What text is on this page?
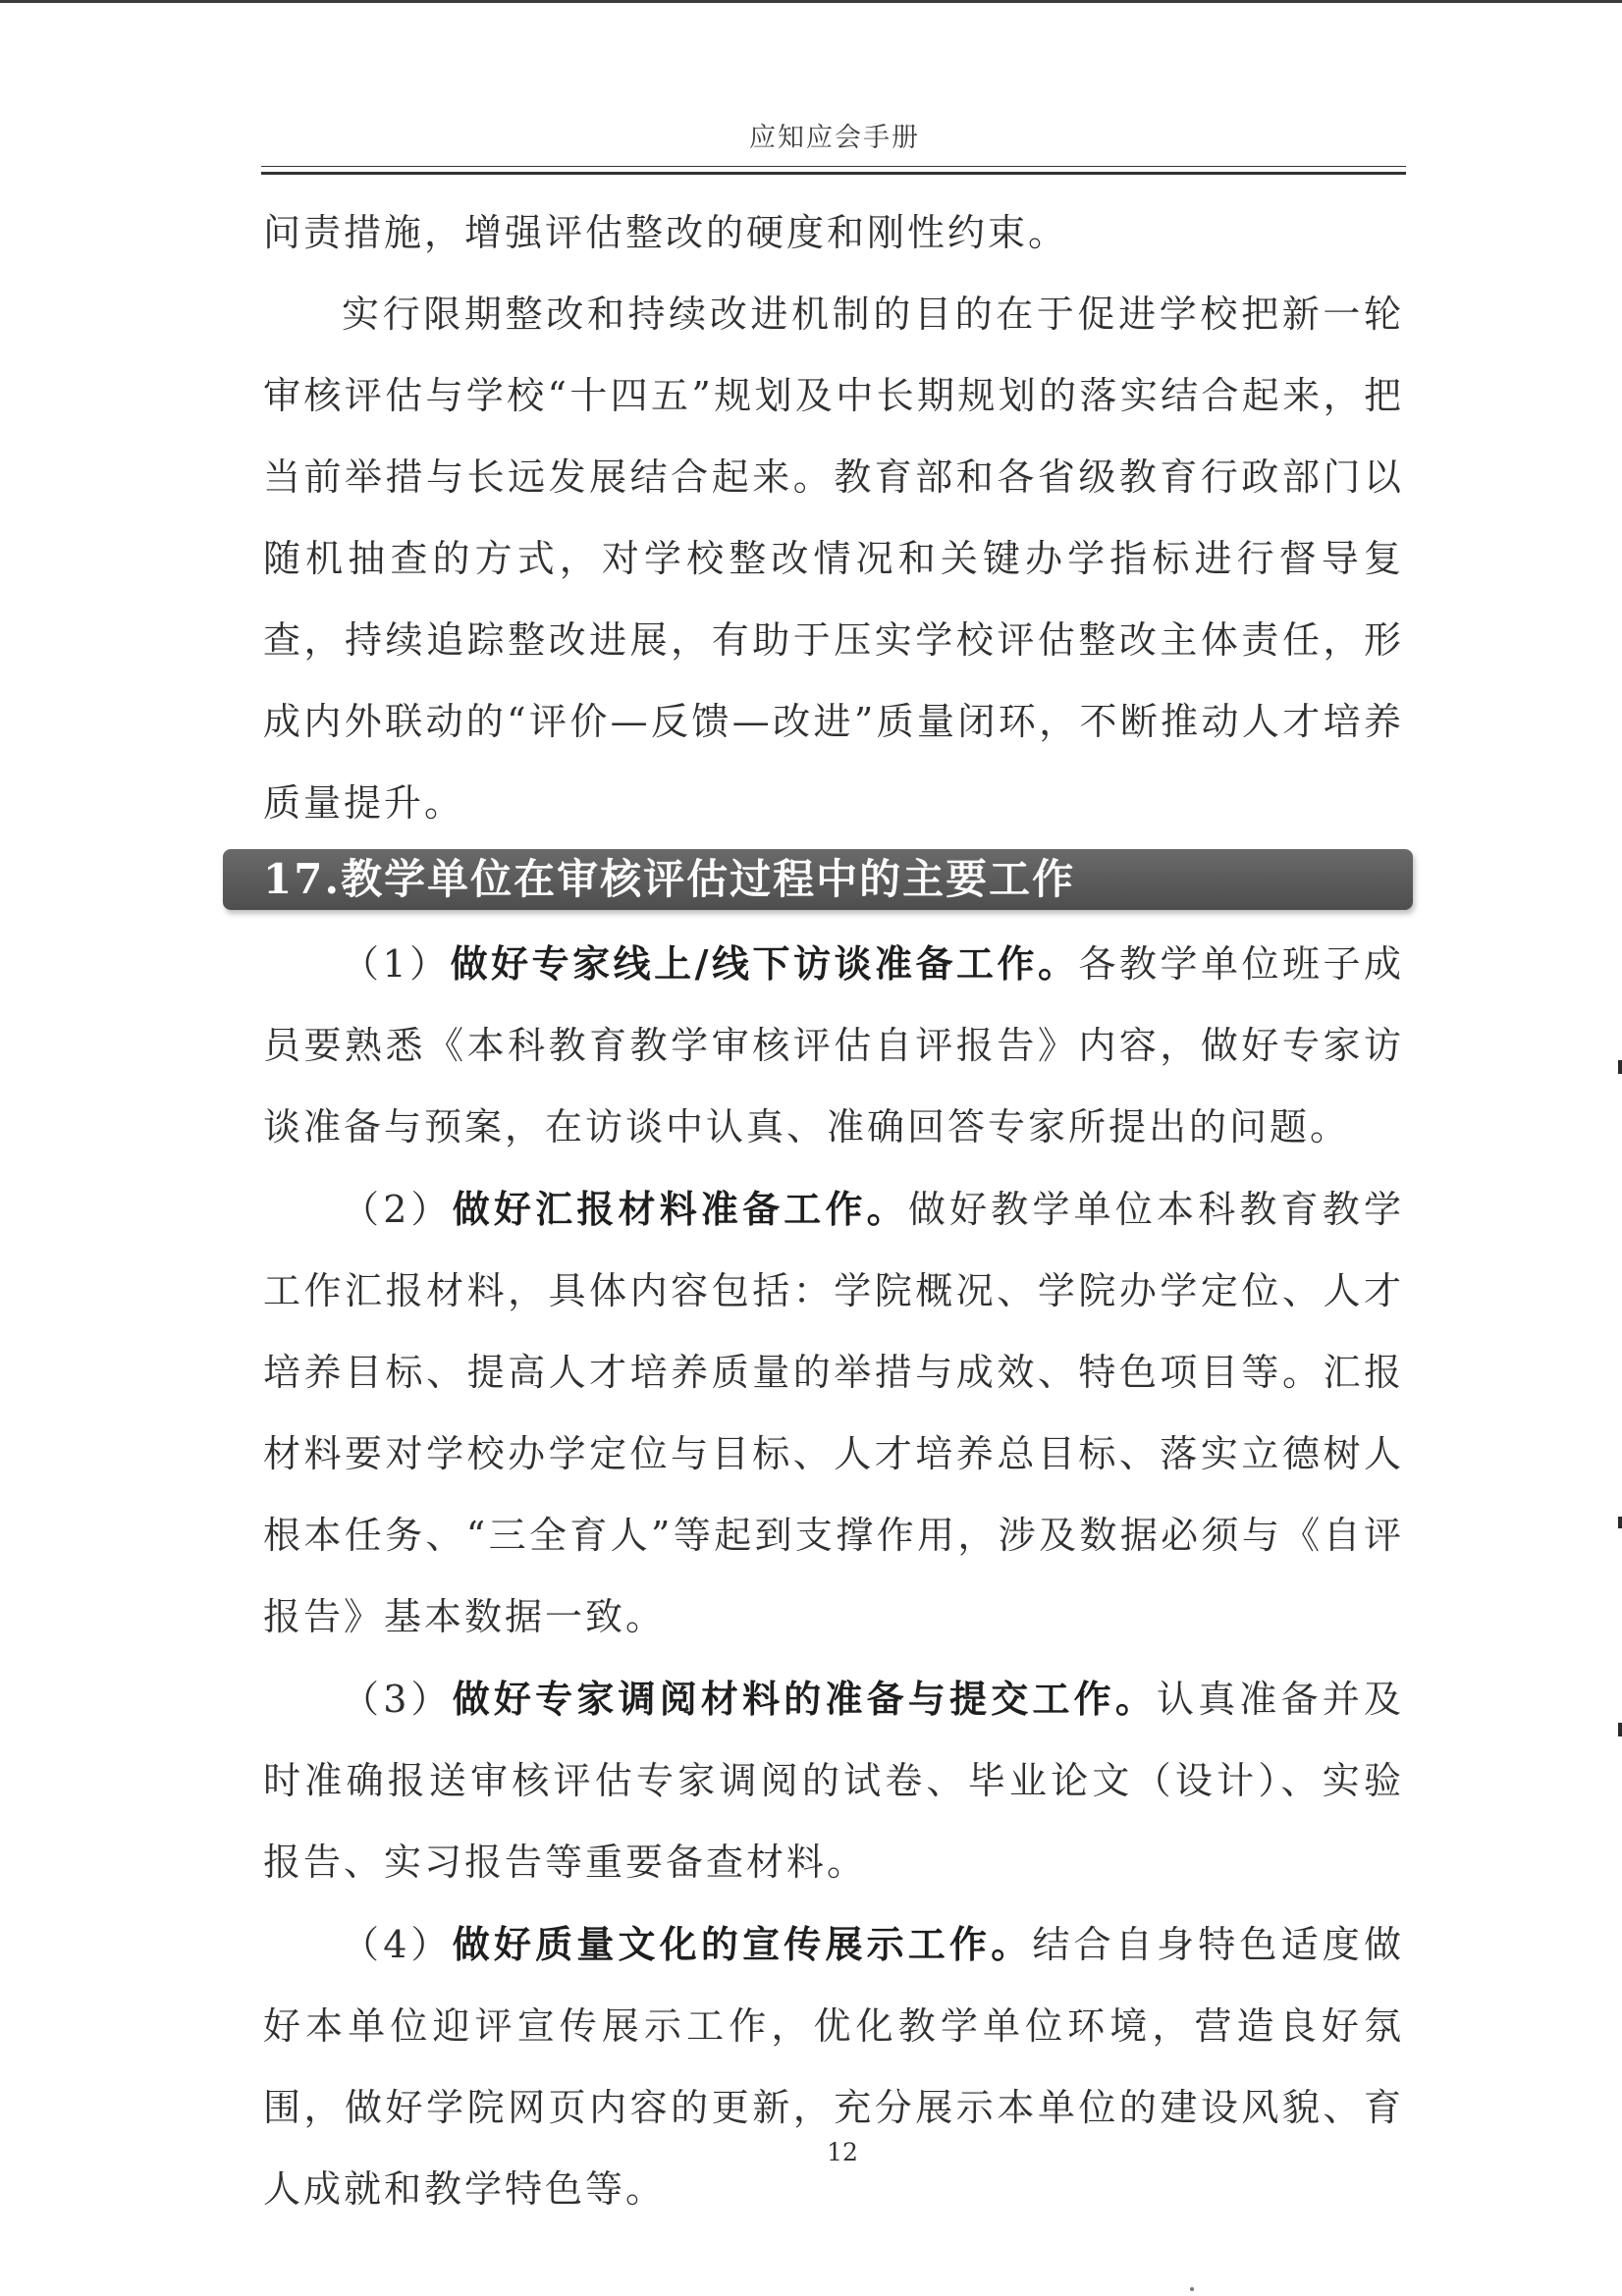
应知应会手册

问责措施，增强评估整改的硬度和刚性约束。

实行限期整改和持续改进机制的目的在于促进学校把新一轮审核评估与学校“十四五”规划及中长期规划的落实结合起来，把当前举措与长远发展结合起来。教育部和各省级教育行政部门以随机抽查的方式，对学校整改情况和关键办学指标进行督导复查，持续追踪整改进展，有助于压实学校评估整改主体责任，形成内外联动的“评价—反馈—改进”质量闭环，不断推动人才培养质量提升。

17.教学单位在审核评估过程中的主要工作

（1）做好专家线上/线下访谈准备工作。各教学单位班子成员要熟悉《本科教育教学审核评估自评报告》内容，做好专家访谈准备与预案，在访谈中认真、准确回答专家所提出的问题。

（2）做好汇报材料准备工作。做好教学单位本科教育教学工作汇报材料，具体内容包括：学院概况、学院办学定位、人才培养目标、提高人才培养质量的举措与成效、特色项目等。汇报材料要对学校办学定位与目标、人才培养总目标、落实立德树人根本任务、“三全育人”等起到支撑作用，涉及数据必须与《自评报告》基本数据一致。

（3）做好专家调阅材料的准备与提交工作。认真准备并及时准确报送审核评估专家调阅的试卷、毕业论文（设计）、实验报告、实习报告等重要备查材料。

（4）做好质量文化的宣传展示工作。结合自身特色适度做好本单位迎评宣传展示工作，优化教学单位环境，营造良好氛围，做好学院网页内容的更新，充分展示本单位的建设风貌、育人成就和教学特色等。

12
